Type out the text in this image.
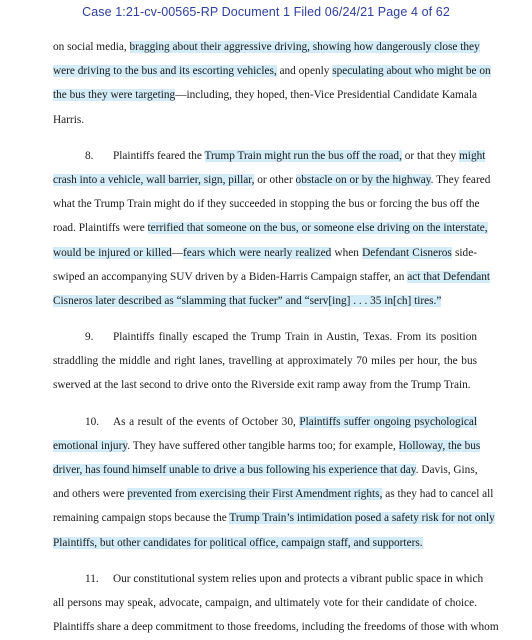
Case 1:21-cv-00565-RP Document 1 Filed 06/24/21 Page 4 of 62
on social media, bragging about their aggressive driving, showing how dangerously close they
were driving to the bus and its escorting vehicles, and openly speculating about who might be on
the bus they were targeting—including, they hoped, then-Vice Presidential Candidate Kamala
Harris.
8. Plaintiffs feared the Trump Train might run the bus off the road, or that they might
crash into a vehicle, wall barrier, sign, pillar, or other obstacle on or by the highway. They feared
what the Trump Train might do if they succeeded in stopping the bus or forcing the bus off the
road. Plaintiffs were terrified that someone on the bus, or someone else driving on the interstate,
would be injured or killed—fears which were nearly realized when Defendant Cisneros side-
swiped an accompanying SUV driven by a Biden-Harris Campaign staffer, an act that Defendant
Cisneros later described as “slamming that fucker” and “serv[ing] . . . 35 in[ch] tires.”
9. Plaintiffs finally escaped the Trump Train in Austin, Texas. From its position
straddling the middle and right lanes, travelling at approximately 70 miles per hour, the bus
swerved at the last second to drive onto the Riverside exit ramp away from the Trump Train.
10. As a result of the events of October 30, Plaintiffs suffer ongoing psychological
emotional injury. They have suffered other tangible harms too; for example, Holloway, the bus
driver, has found himself unable to drive a bus following his experience that day. Davis, Gins,
and others were prevented from exercising their First Amendment rights, as they had to cancel all
remaining campaign stops because the Trump Train’s intimidation posed a safety risk for not only
Plaintiffs, but other candidates for political office, campaign staff, and supporters.
11. Our constitutional system relies upon and protects a vibrant public space in which
all persons may speak, advocate, campaign, and ultimately vote for their candidate of choice.
Plaintiffs share a deep commitment to those freedoms, including the freedoms of those with whom
